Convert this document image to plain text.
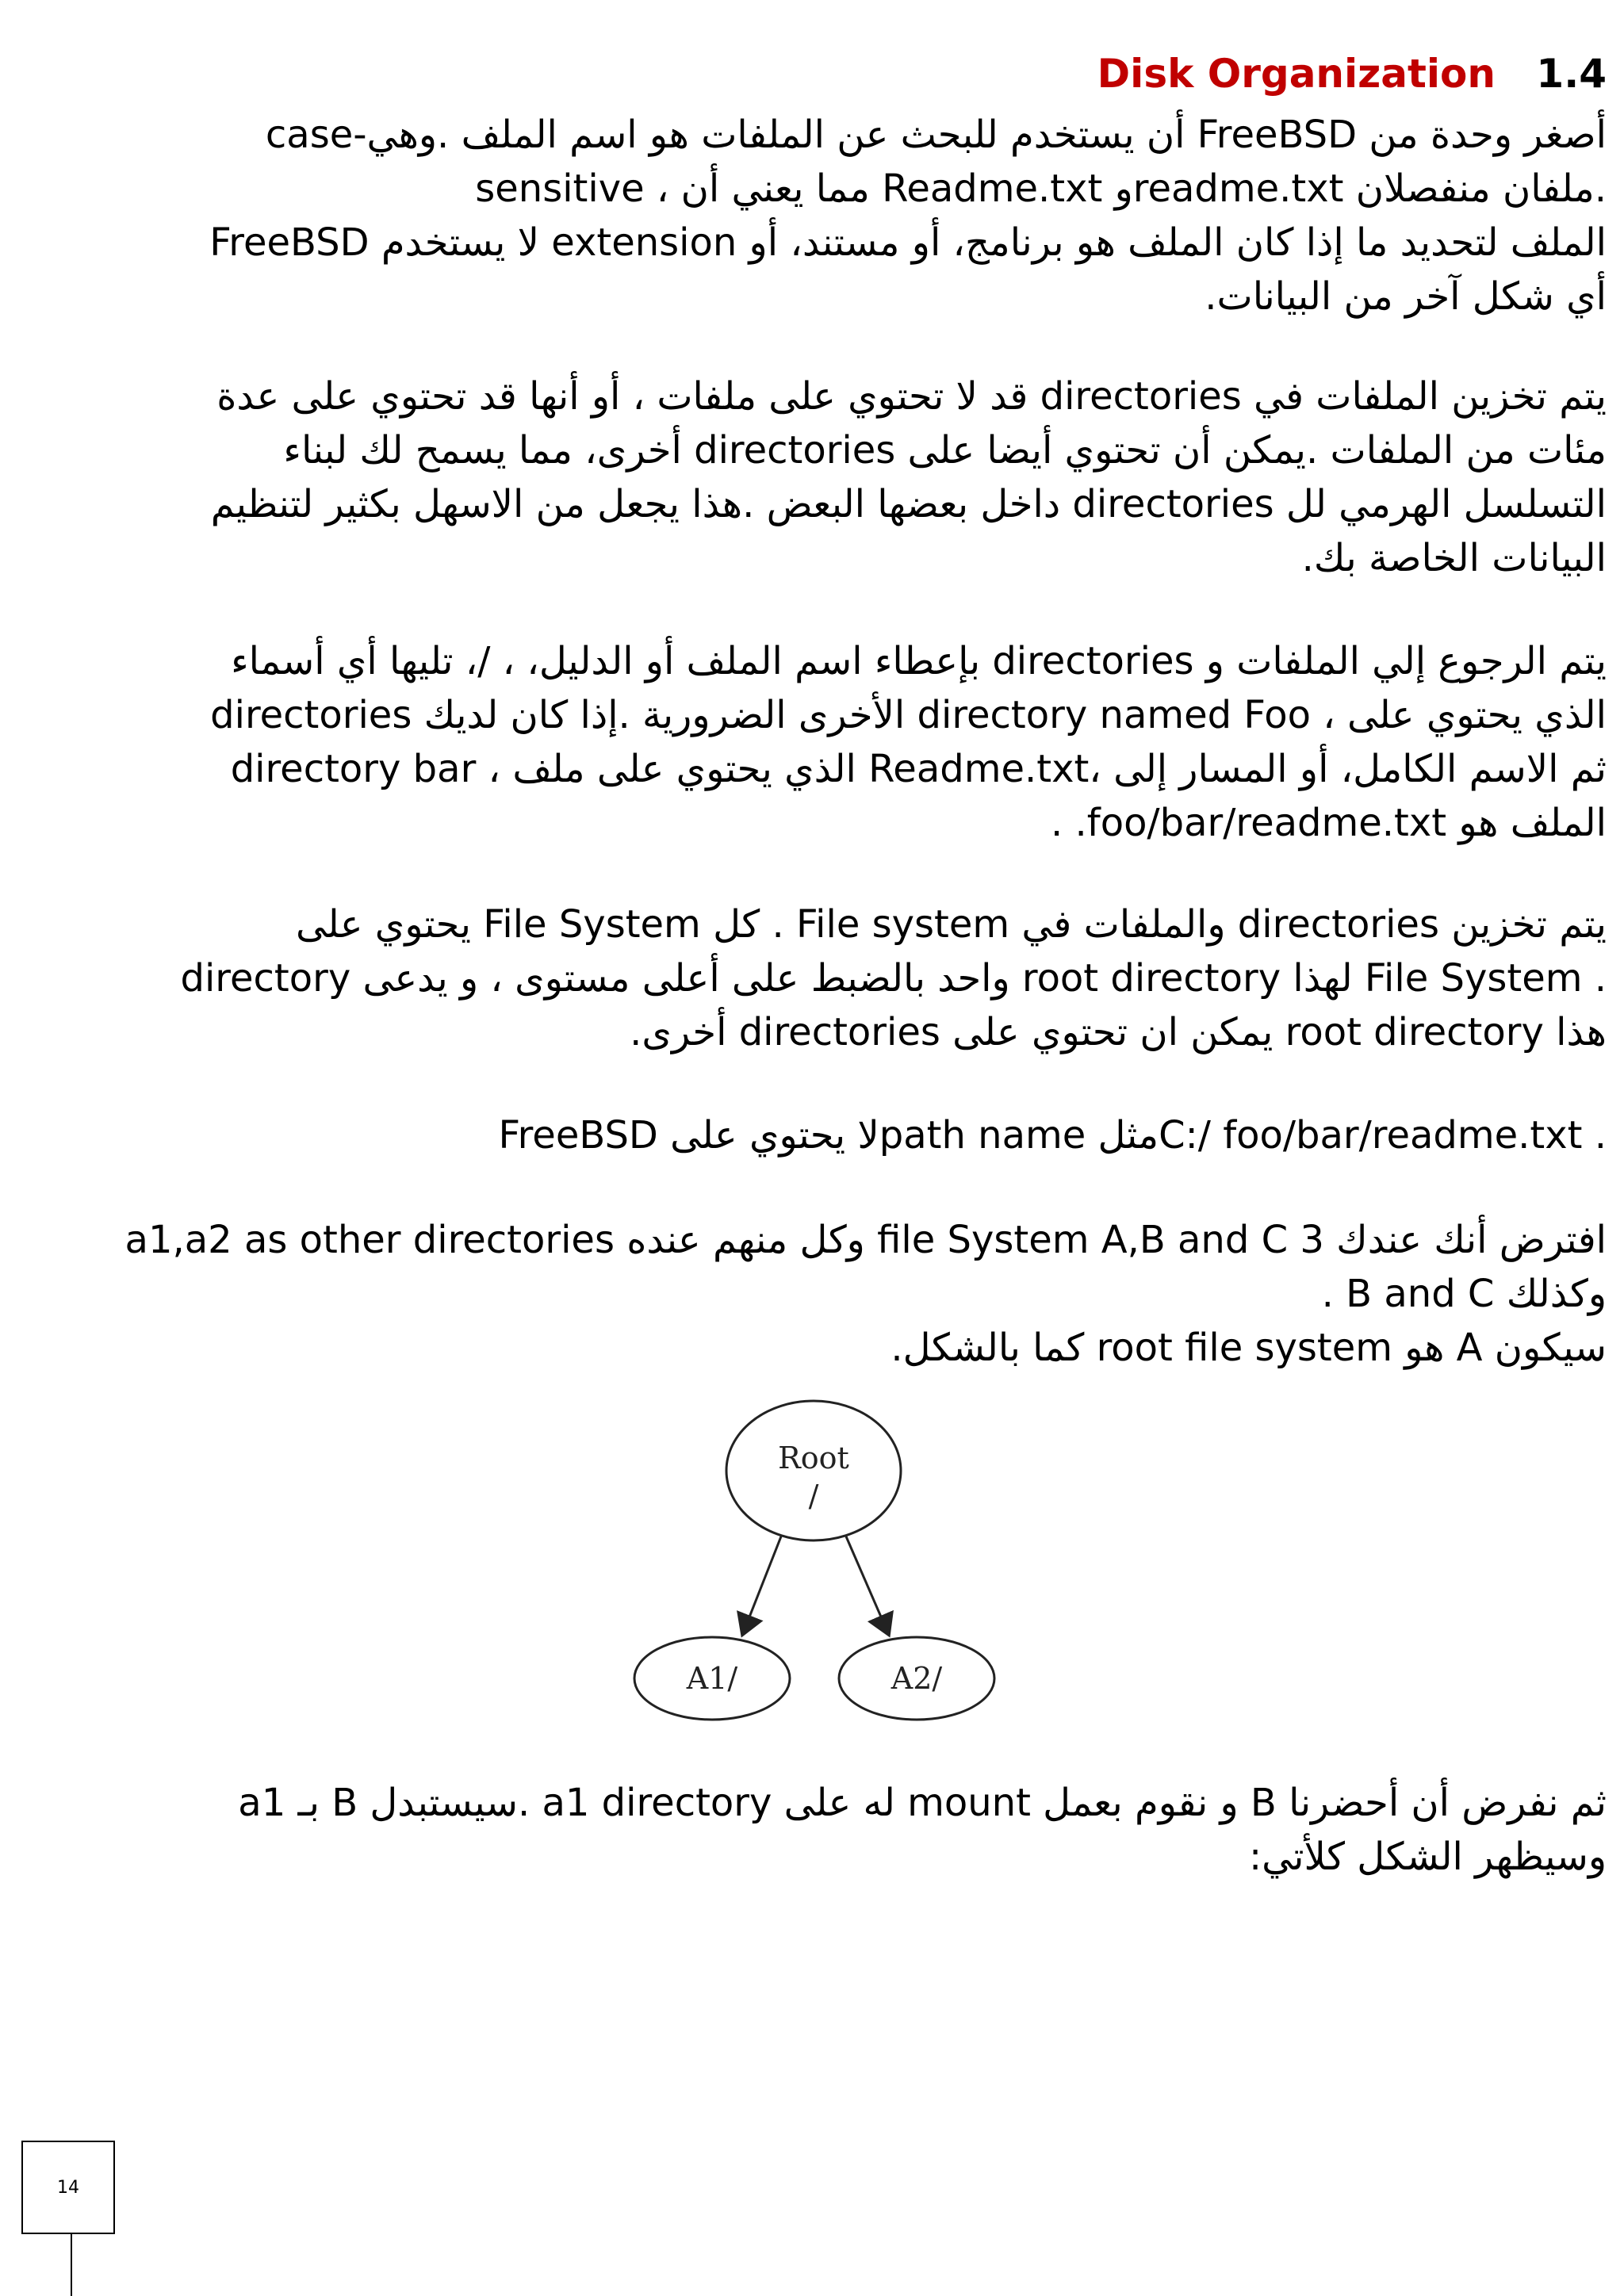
Disk Organization 1.4
أصغر وحدة من FreeBSD أن يستخدم للبحث عن الملفات هو اسم الملف .وهي-case
sensitive ، مما يعني أن Readme.txt وreadme.txt ملفان منفصلان.
FreeBSD لا يستخدم extension الملف لتحديد ما إذا كان الملف هو برنامج، أو مستند، أو
أي شكل آخر من البيانات.
يتم تخزين الملفات في directories قد لا تحتوي على ملفات ، أو أنها قد تحتوي على عدة
مئات من الملفات .يمكن أن تحتوي أيضا على directories أخرى، مما يسمح لك لبناء
التسلسل الهرمي لل directories داخل بعضها البعض .هذا يجعل من الاسهل بكثير لتنظيم
البيانات الخاصة بك.
يتم الرجوع إلي الملفات و directories بإعطاء اسم الملف أو الدليل، ، /، تليها أي أسماء
directories الأخرى الضرورية .إذا كان لديك directory named Foo ، الذي يحتوي على
directory bar ، الذي يحتوي على ملف Readme.txt، ثم الاسم الكامل، أو المسار إلى
الملف هو foo/bar/readme.txt. .
يتم تخزين directories والملفات في File system . كل File System يحتوي على
directory واحد بالضبط على أعلى مستوى ، و يدعى root directory لهذا File System .
هذا root directory يمكن ان تحتوي على directories أخرى.
FreeBSD لا يحتوي علىpath name مثلC:/ foo/bar/readme.txt .
افترض أنك عندك 3 file System A,B and C وكل منهم عنده a1,a2 as other directories
وكذلك B and C .
سيكون A هو root file system كما بالشكل.
Root
/
A1/	A2/
ثم نفرض أن أحضرنا B و نقوم بعمل mount له على a1 directory .سيستبدل B بـ a1
وسيظهر الشكل كلأتي:
14
